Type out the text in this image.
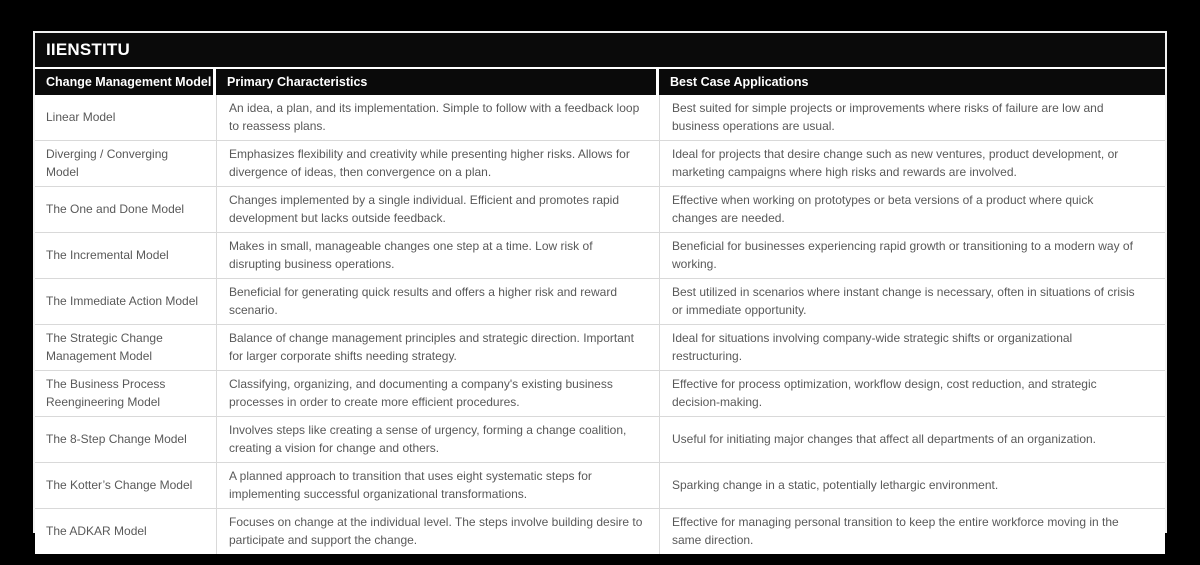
IIENSTITU
Change Management Model	Primary Characteristics	Best Case Applications
Linear Model
An idea, a plan, and its implementation. Simple to follow with a feedback loop to reassess plans.
Best suited for simple projects or improvements where risks of failure are low and business operations are usual.
Diverging / Converging Model
Emphasizes flexibility and creativity while presenting higher risks. Allows for divergence of ideas, then convergence on a plan.
Ideal for projects that desire change such as new ventures, product development, or marketing campaigns where high risks and rewards are involved.
The One and Done Model
Changes implemented by a single individual. Efficient and promotes rapid development but lacks outside feedback.
Effective when working on prototypes or beta versions of a product where quick changes are needed.
The Incremental Model
Makes in small, manageable changes one step at a time. Low risk of disrupting business operations.
Beneficial for businesses experiencing rapid growth or transitioning to a modern way of working.
The Immediate Action Model
Beneficial for generating quick results and offers a higher risk and reward scenario.
Best utilized in scenarios where instant change is necessary, often in situations of crisis or immediate opportunity.
The Strategic Change Management Model
Balance of change management principles and strategic direction. Important for larger corporate shifts needing strategy.
Ideal for situations involving company-wide strategic shifts or organizational restructuring.
The Business Process Reengineering Model
Classifying, organizing, and documenting a company's existing business processes in order to create more efficient procedures.
Effective for process optimization, workflow design, cost reduction, and strategic decision-making.
The 8-Step Change Model
Involves steps like creating a sense of urgency, forming a change coalition, creating a vision for change and others.
Useful for initiating major changes that affect all departments of an organization.
The Kotter’s Change Model
A planned approach to transition that uses eight systematic steps for implementing successful organizational transformations.
Sparking change in a static, potentially lethargic environment.
The ADKAR Model
Focuses on change at the individual level. The steps involve building desire to participate and support the change.
Effective for managing personal transition to keep the entire workforce moving in the same direction.
